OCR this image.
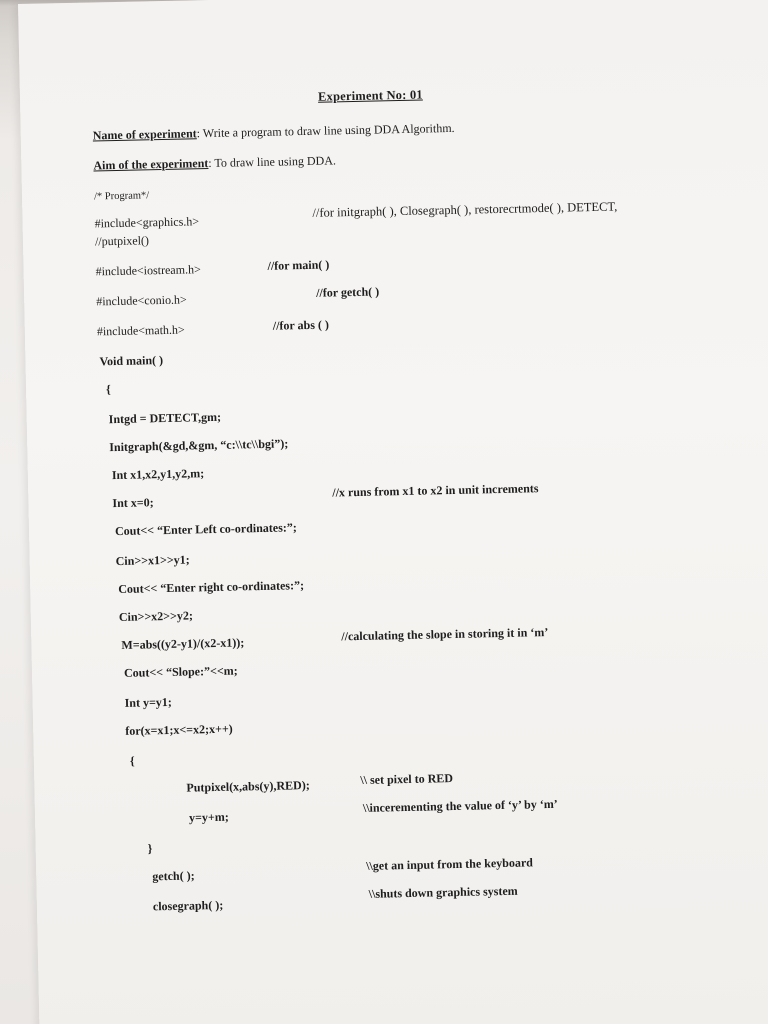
Experiment No: 01
Name of experiment: Write a program to draw line using DDA Algorithm.
Aim of the experiment: To draw line using DDA.
/* Program*/
#include<graphics.h>
//for initgraph( ), Closegraph( ), restorecrtmode( ), DETECT,
//putpixel()
#include<iostream.h>	//for main( )
#include<conio.h>
//for getch( )
#include<math.h>	//for abs ( )
Void main( )
{
Intgd = DETECT,gm;
Initgraph(&gd,&gm, “c:\\tc\\bgi”);
Int x1,x2,y1,y2,m;
Int x=0;
//x runs from x1 to x2 in unit increments
Cout<< “Enter Left co-ordinates:”;
Cin>>x1>>y1;
Cout<< “Enter right co-ordinates:”;
Cin>>x2>>y2;
M=abs((y2-y1)/(x2-x1));
//calculating the slope in storing it in ‘m’
Cout<< “Slope:”<<m;
Int y=y1;
for(x=x1;x<=x2;x++)
{
Putpixel(x,abs(y),RED);	\\ set pixel to RED
y=y+m;
\\incerementing the value of ‘y’ by ‘m’
}
getch( );
\\get an input from the keyboard
closegraph( );
\\shuts down graphics system
